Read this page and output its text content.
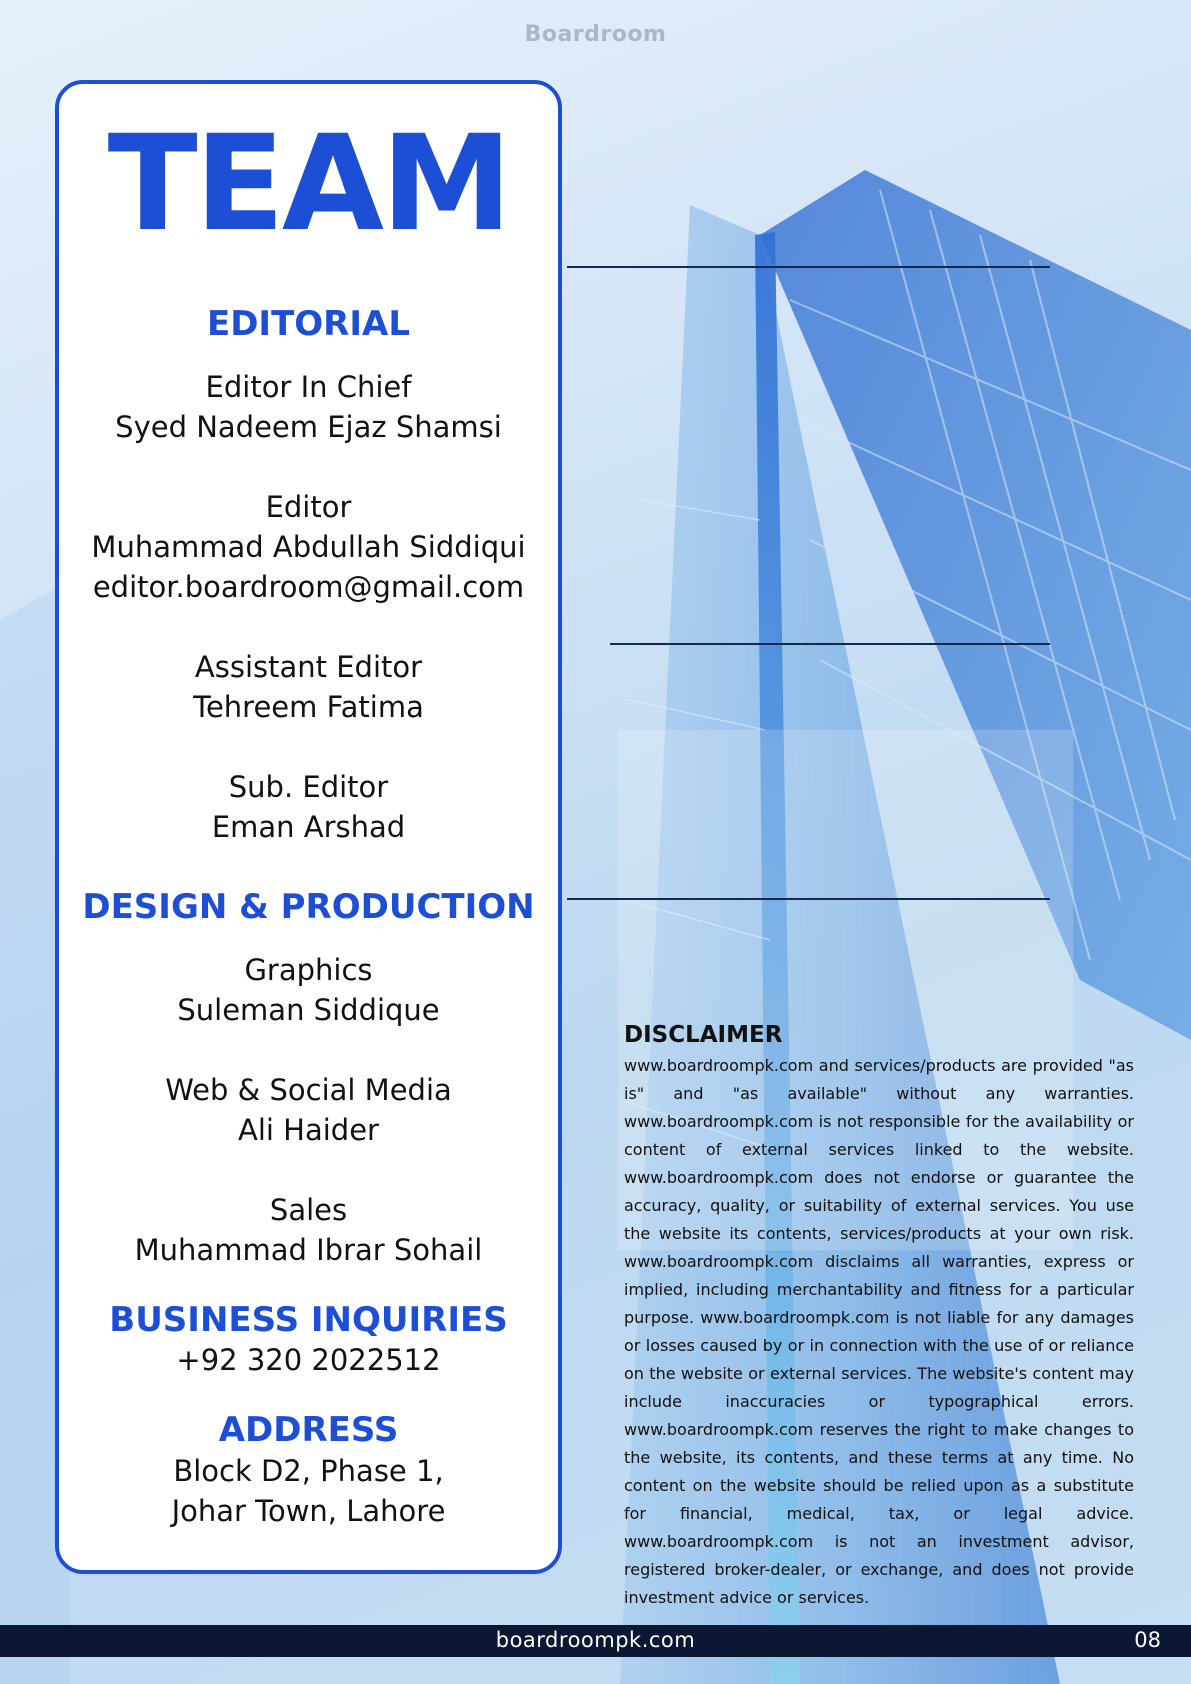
Boardroom
TEAM
EDITORIAL

Editor In Chief

Syed Nadeem Ejaz Shamsi

Editor

Muhammad Abdullah Siddiqui

editor.boardroom@gmail.com

Assistant Editor

Tehreem Fatima

Sub. Editor

Eman Arshad

DESIGN & PRODUCTION

Graphics

Suleman Siddique

Web & Social Media

Ali Haider

Sales

Muhammad Ibrar Sohail

BUSINESS INQUIRIES

+92 320 2022512

ADDRESS

Block D2, Phase 1,

Johar Town, Lahore

DISCLAIMER

www.boardroompk.com and services/products are provided "as is" and "as available" without any warranties. www.boardroompk.com is not responsible for the availability or content of external services linked to the website. www.boardroompk.com does not endorse or guarantee the accuracy, quality, or suitability of external services. You use the website its contents, services/products at your own risk. www.boardroompk.com disclaims all warranties, express or implied, including merchantability and fitness for a particular purpose. www.boardroompk.com is not liable for any damages or losses caused by or in connection with the use of or reliance on the website or external services. The website's content may include inaccuracies or typographical errors. www.boardroompk.com reserves the right to make changes to the website, its contents, and these terms at any time. No content on the website should be relied upon as a substitute for financial, medical, tax, or legal advice. www.boardroompk.com is not an investment advisor, registered broker-dealer, or exchange, and does not provide investment advice or services.

boardroompk.com	08
